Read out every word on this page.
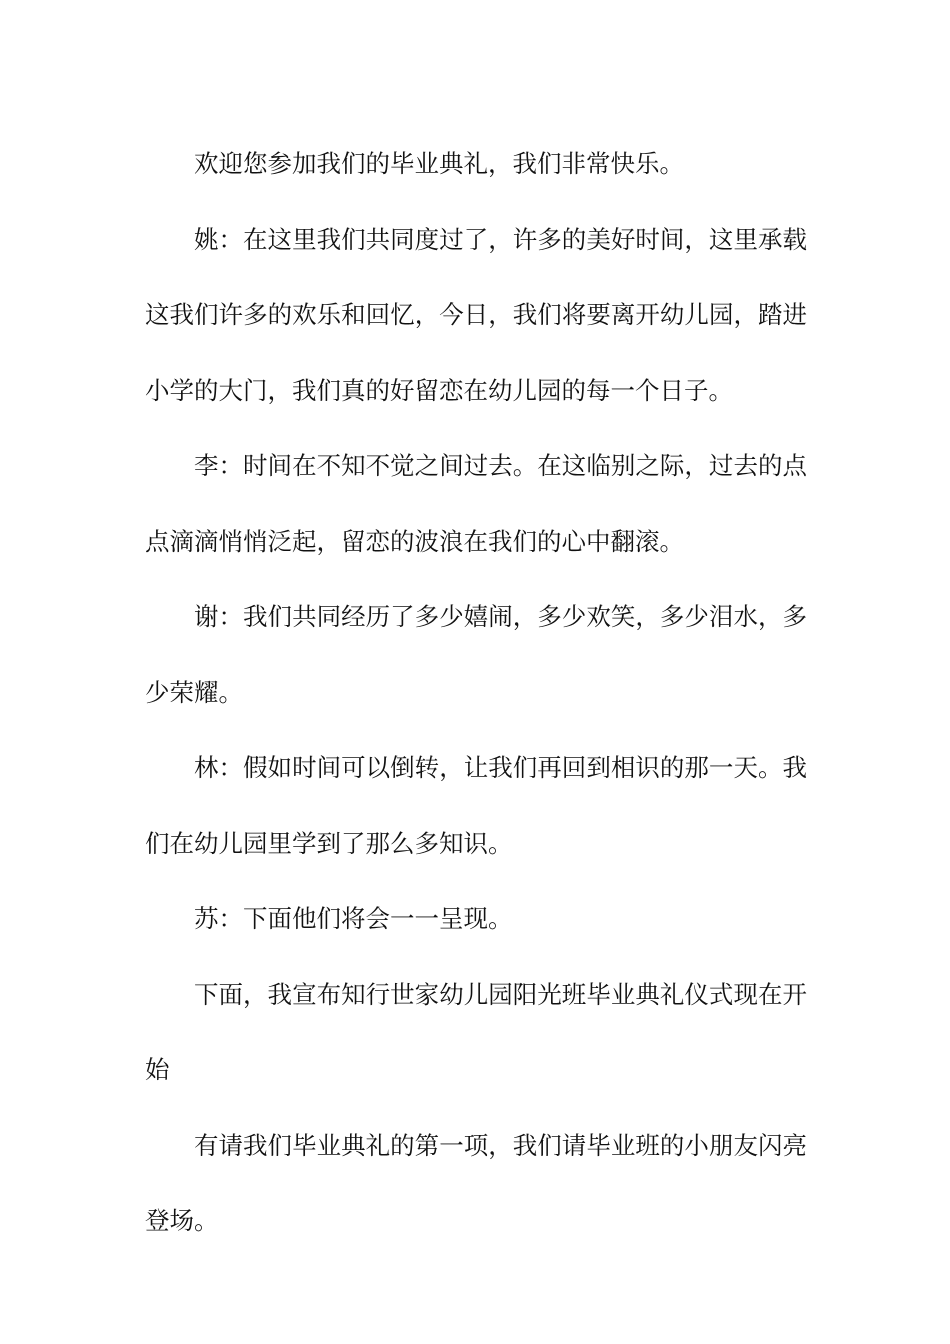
欢迎您参加我们的毕业典礼，我们非常快乐。

姚：在这里我们共同度过了，许多的美好时间，这里承载这我们许多的欢乐和回忆，今日，我们将要离开幼儿园，踏进小学的大门，我们真的好留恋在幼儿园的每一个日子。

李：时间在不知不觉之间过去。在这临别之际，过去的点点滴滴悄悄泛起，留恋的波浪在我们的心中翻滚。

谢：我们共同经历了多少嬉闹，多少欢笑，多少泪水，多少荣耀。

林：假如时间可以倒转，让我们再回到相识的那一天。我们在幼儿园里学到了那么多知识。

苏：下面他们将会一一呈现。

下面，我宣布知行世家幼儿园阳光班毕业典礼仪式现在开始

有请我们毕业典礼的第一项，我们请毕业班的小朋友闪亮登场。
